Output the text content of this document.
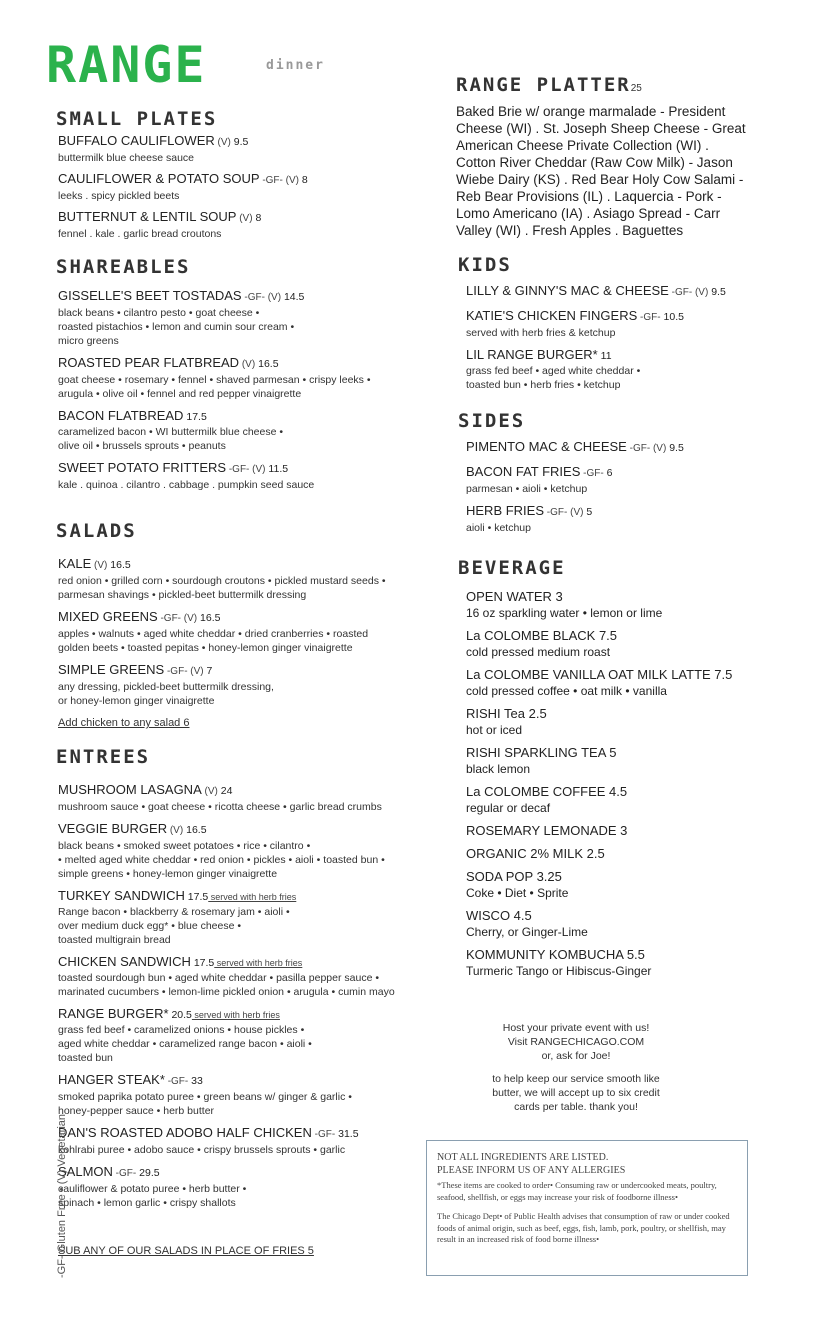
RANGE	dinner
SMALL PLATES
BUFFALO CAULIFLOWER (V) 9.5
buttermilk blue cheese sauce
CAULIFLOWER & POTATO SOUP -GF- (V) 8
leeks . spicy pickled beets
BUTTERNUT & LENTIL SOUP (V) 8
fennel . kale . garlic bread croutons
SHAREABLES
GISSELLE'S BEET TOSTADAS -GF- (V) 14.5
black beans • cilantro pesto • goat cheese •
roasted pistachios • lemon and cumin sour cream •
micro greens
ROASTED PEAR FLATBREAD (V) 16.5
goat cheese • rosemary • fennel • shaved parmesan • crispy leeks •
arugula • olive oil • fennel and red pepper vinaigrette
BACON FLATBREAD 17.5
caramelized bacon • WI buttermilk blue cheese •
olive oil • brussels sprouts • peanuts
SWEET POTATO FRITTERS -GF- (V) 11.5
kale . quinoa . cilantro . cabbage . pumpkin seed sauce
SALADS
KALE (V) 16.5
red onion • grilled corn • sourdough croutons • pickled mustard seeds •
parmesan shavings • pickled-beet buttermilk dressing
MIXED GREENS -GF- (V) 16.5
apples • walnuts • aged white cheddar • dried cranberries • roasted
golden beets • toasted pepitas • honey-lemon ginger vinaigrette
SIMPLE GREENS -GF- (V) 7
any dressing, pickled-beet buttermilk dressing,
or honey-lemon ginger vinaigrette
Add chicken to any salad 6
ENTREES
MUSHROOM LASAGNA (V) 24
mushroom sauce • goat cheese • ricotta cheese • garlic bread crumbs
VEGGIE BURGER (V) 16.5
black beans • smoked sweet potatoes • rice • cilantro •
• melted aged white cheddar • red onion • pickles • aioli • toasted bun •
simple greens • honey-lemon ginger vinaigrette
TURKEY SANDWICH 17.5 served with herb fries
Range bacon • blackberry & rosemary jam • aioli •
over medium duck egg* • blue cheese •
toasted multigrain bread
CHICKEN SANDWICH 17.5 served with herb fries
toasted sourdough bun • aged white cheddar • pasilla pepper sauce •
marinated cucumbers • lemon-lime pickled onion • arugula • cumin mayo
RANGE BURGER* 20.5 served with herb fries
grass fed beef • caramelized onions • house pickles •
aged white cheddar • caramelized range bacon • aioli •
toasted bun
HANGER STEAK* -GF- 33
smoked paprika potato puree • green beans w/ ginger & garlic •
honey-pepper sauce • herb butter
DAN'S ROASTED ADOBO HALF CHICKEN -GF- 31.5
kohlrabi puree • adobo sauce • crispy brussels sprouts • garlic
SALMON -GF- 29.5
cauliflower & potato puree • herb butter •
spinach • lemon garlic • crispy shallots
SUB ANY OF OUR SALADS IN PLACE OF FRIES 5
-GF- Gluten Free • (V) Vegetarian
RANGE PLATTER25
Baked Brie w/ orange marmalade - President Cheese (WI) . St. Joseph Sheep Cheese - Great American Cheese Private Collection (WI) . Cotton River Cheddar (Raw Cow Milk) - Jason Wiebe Dairy (KS) . Red Bear Holy Cow Salami - Reb Bear Provisions (IL) . Laquercia - Pork - Lomo Americano (IA) . Asiago Spread - Carr Valley (WI) . Fresh Apples . Baguettes
KIDS
LILLY & GINNY'S MAC & CHEESE -GF- (V) 9.5
KATIE'S CHICKEN FINGERS -GF- 10.5
served with herb fries & ketchup
LIL RANGE BURGER* 11
grass fed beef • aged white cheddar •
toasted bun • herb fries • ketchup
SIDES
PIMENTO MAC & CHEESE -GF- (V) 9.5
BACON FAT FRIES -GF- 6
parmesan • aioli • ketchup
HERB FRIES -GF- (V) 5
aioli • ketchup
BEVERAGE
OPEN WATER 3
16 oz sparkling water • lemon or lime
La COLOMBE BLACK 7.5
cold pressed medium roast
La COLOMBE VANILLA OAT MILK LATTE 7.5
cold pressed coffee • oat milk • vanilla
RISHI Tea 2.5
hot or iced
RISHI SPARKLING TEA 5
black lemon
La COLOMBE COFFEE 4.5
regular or decaf
ROSEMARY LEMONADE 3
ORGANIC 2% MILK 2.5
SODA POP 3.25
Coke • Diet • Sprite
WISCO 4.5
Cherry, or Ginger-Lime
KOMMUNITY KOMBUCHA 5.5
Turmeric Tango or Hibiscus-Ginger
Host your private event with us!
Visit RANGECHICAGO.COM
or, ask for Joe!
to help keep our service smooth like
butter, we will accept up to six credit
cards per table. thank you!
NOT ALL INGREDIENTS ARE LISTED.
PLEASE INFORM US OF ANY ALLERGIES
*These items are cooked to order• Consuming raw or undercooked meats, poultry, seafood, shellfish, or eggs may increase your risk of foodborne illness•
The Chicago Dept• of Public Health advises that consumption of raw or under cooked foods of animal origin, such as beef, eggs, fish, lamb, pork, poultry, or shellfish, may result in an increased risk of food borne illness•
